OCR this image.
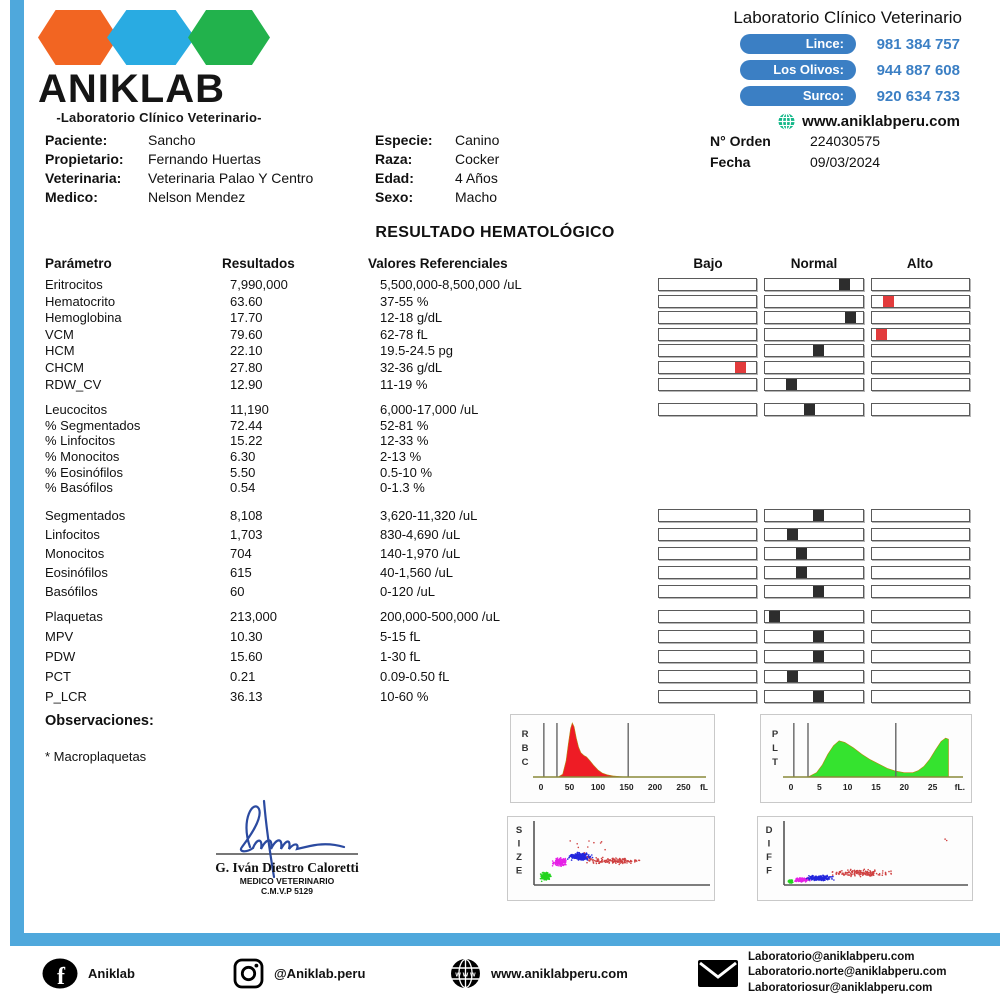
ANIKLAB
-Laboratorio Clínico Veterinario-
Laboratorio Clínico Veterinario
Lince:	981 384 757
Los Olivos:	944 887 608
Surco:	920 634 733
www.aniklabperu.com
Paciente:	Sancho
Propietario:	Fernando Huertas
Veterinaria:	Veterinaria Palao Y Centro
Medico:	Nelson Mendez
Especie:	Canino
Raza:	Cocker
Edad:	4 Años
Sexo:	Macho
N° Orden	224030575
Fecha	09/03/2024
RESULTADO HEMATOLÓGICO
Parámetro	Resultados	Valores Referenciales	Bajo	Normal	Alto
Eritrocitos	7,990,000	5,500,000-8,500,000 /uL
Hematocrito	63.60	37-55 %
Hemoglobina	17.70	12-18 g/dL
VCM	79.60	62-78 fL
HCM	22.10	19.5-24.5 pg
CHCM	27.80	32-36 g/dL
RDW_CV	12.90	11-19 %
Leucocitos	11,190	6,000-17,000 /uL
% Segmentados	72.44	52-81 %
% Linfocitos	15.22	12-33 %
% Monocitos	6.30	2-13 %
% Eosinófilos	5.50	0.5-10 %
% Basófilos	0.54	0-1.3 %
Segmentados	8,108	3,620-11,320 /uL
Linfocitos	1,703	830-4,690 /uL
Monocitos	704	140-1,970 /uL
Eosinófilos	615	40-1,560 /uL
Basófilos	60	0-120 /uL
Plaquetas	213,000	200,000-500,000 /uL
MPV	10.30	5-15 fL
PDW	15.60	1-30 fL
PCT	0.21	0.09-0.50 fL
P_LCR	36.13	10-60 %
Observaciones:
* Macroplaquetas
G. Iván Diestro Caloretti
MEDICO VETERINARIO
C.M.V.P 5129
R
B
C
0	50 100 150 200 250 fL
P
L
T
0	5 10 15 20 25 fL.
S
I
Z
E
D
I
F
F
f Aniklab	@Aniklab.peru	w w w www.aniklabperu.com
Laboratorio@aniklabperu.com
Laboratorio.norte@aniklabperu.com
Laboratoriosur@aniklabperu.com
